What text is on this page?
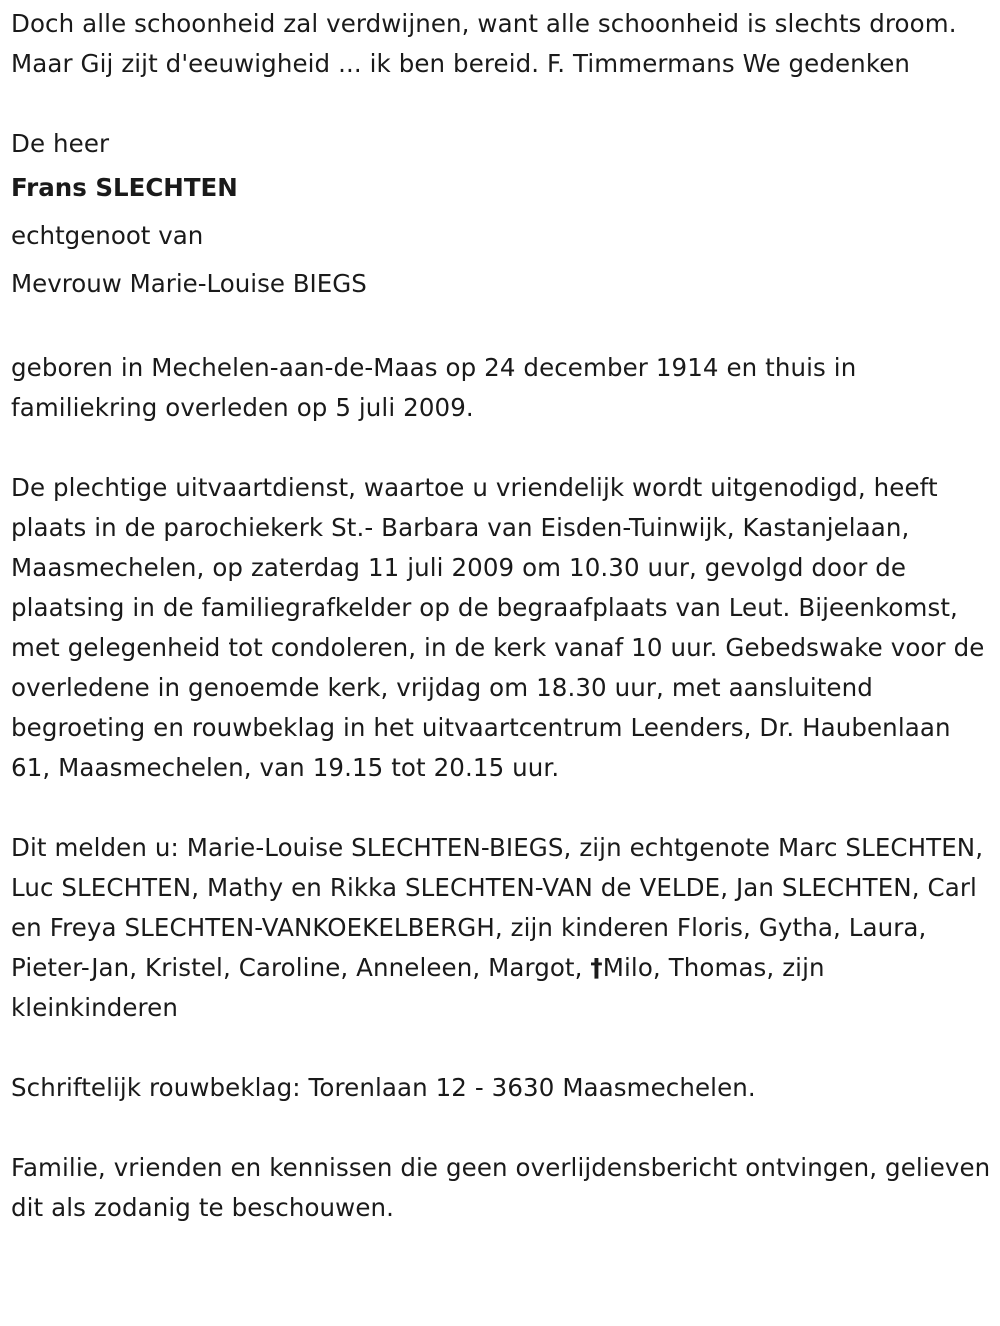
Doch alle schoonheid zal verdwijnen, want alle schoonheid is slechts droom. Maar Gij zijt d'eeuwigheid ... ik ben bereid. F. Timmermans We gedenken

De heer

Frans SLECHTEN

echtgenoot van

Mevrouw Marie-Louise BIEGS

geboren in Mechelen-aan-de-Maas op 24 december 1914 en thuis in familiekring overleden op 5 juli 2009.

De plechtige uitvaartdienst, waartoe u vriendelijk wordt uitgenodigd, heeft plaats in de parochiekerk St.- Barbara van Eisden-Tuinwijk, Kastanjelaan, Maasmechelen, op zaterdag 11 juli 2009 om 10.30 uur, gevolgd door de plaatsing in de familiegrafkelder op de begraafplaats van Leut. Bijeenkomst, met gelegenheid tot condoleren, in de kerk vanaf 10 uur. Gebedswake voor de overledene in genoemde kerk, vrijdag om 18.30 uur, met aansluitend begroeting en rouwbeklag in het uitvaartcentrum Leenders, Dr. Haubenlaan 61, Maasmechelen, van 19.15 tot 20.15 uur.

Dit melden u: Marie-Louise SLECHTEN-BIEGS, zijn echtgenote Marc SLECHTEN, Luc SLECHTEN, Mathy en Rikka SLECHTEN-VAN de VELDE, Jan SLECHTEN, Carl en Freya SLECHTEN-VANKOEKELBERGH, zijn kinderen Floris, Gytha, Laura, Pieter-Jan, Kristel, Caroline, Anneleen, Margot, †Milo, Thomas, zijn kleinkinderen

Schriftelijk rouwbeklag: Torenlaan 12 - 3630 Maasmechelen.

Familie, vrienden en kennissen die geen overlijdensbericht ontvingen, gelieven dit als zodanig te beschouwen.
